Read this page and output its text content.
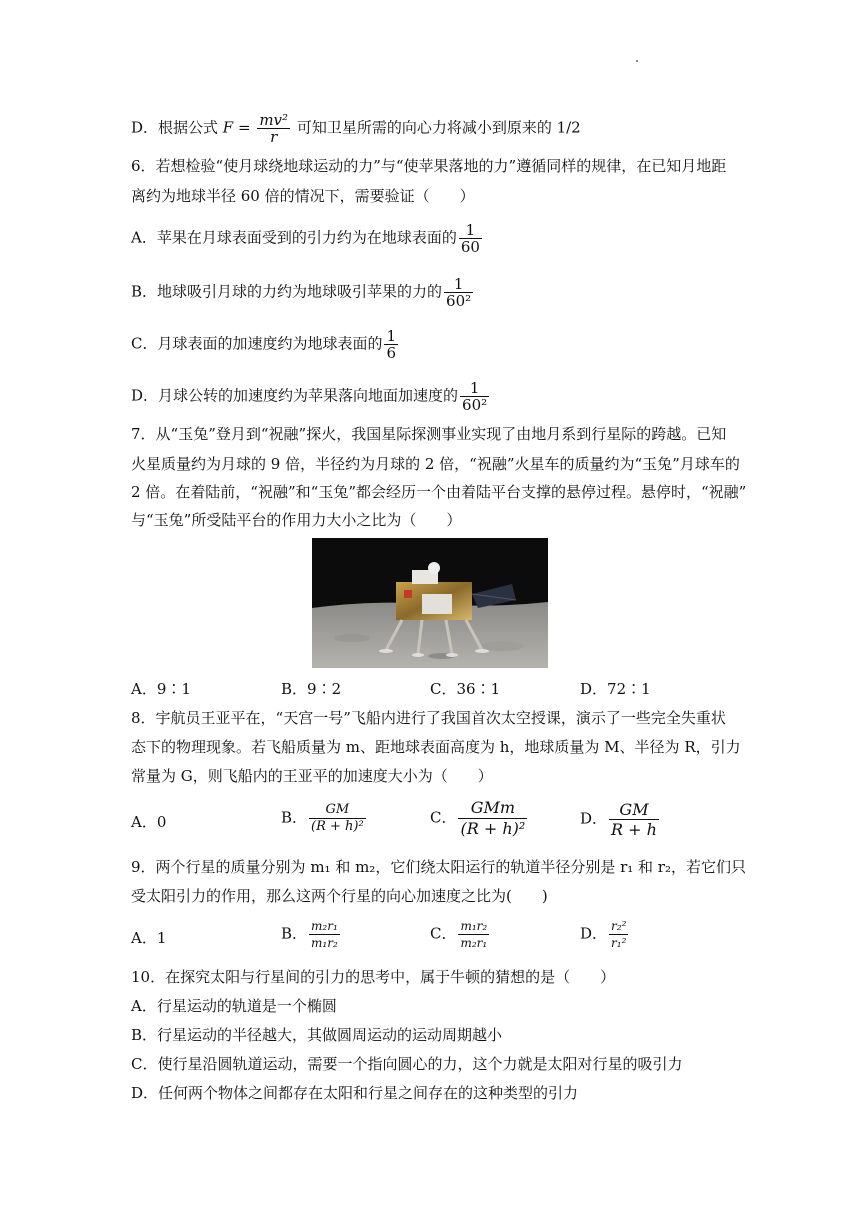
D．根据公式 $F = \frac{\text{mv²}}{r}$ 可知卫星所需的向心力将减小到原来的 1/2
6．若想检验“使月球绕地球运动的力”与“使苹果落地的力”遵循同样的规律，在已知月地距
离约为地球半径 60 倍的情况下，需要验证（　　）
A．苹果在月球表面受到的引力约为在地球表面的 $\frac{1}{60}$
B．地球吸引月球的力约为地球吸引苹果的力的 $\frac{1}{\text{60²}}$
C．月球表面的加速度约为地球表面的 $\frac{1}{6}$
D．月球公转的加速度约为苹果落向地面加速度的 $\frac{1}{\text{60²}}$
7．从“玉兔”登月到“祝融”探火，我国星际探测事业实现了由地月系到行星际的跨越。已知
火星质量约为月球的 9 倍，半径约为月球的 2 倍，“祝融”火星车的质量约为“玉兔”月球车的
2 倍。在着陆前，“祝融”和“玉兔”都会经历一个由着陆平台支撑的悬停过程。悬停时，“祝融”
与“玉兔”所受陆平台的作用力大小之比为（　　）
A．9∶1	B．9∶2	C．36∶1	D．72∶1
8．宇航员王亚平在，“天宫一号”飞船内进行了我国首次太空授课，演示了一些完全失重状
态下的物理现象。若飞船质量为 m、距地球表面高度为 h，地球质量为 M、半径为 R，引力
常量为 G，则飞船内的王亚平的加速度大小为（　　）
A．0	B． $\frac{GM}{\text{(R + h)²}}$	C． $\frac{\text{GMm}}{\text{(R + h)²}}$	D． $\frac{GM}{R + h}$
9．两个行星的质量分别为 m₁ 和 m₂，它们绕太阳运行的轨道半径分别是 r₁ 和 r₂，若它们只
受太阳引力的作用，那么这两个行星的向心加速度之比为(　　)
A．1	B． $\frac{\text{m₂r₁}}{\text{m₁r₂}}$	C． $\frac{\text{m₁r₂}}{\text{m₂r₁}}$	D． $\frac{\text{r₂²}}{\text{r₁²}}$
10．在探究太阳与行星间的引力的思考中，属于牛顿的猜想的是（　　）
A．行星运动的轨道是一个椭圆
B．行星运动的半径越大，其做圆周运动的运动周期越小
C．使行星沿圆轨道运动，需要一个指向圆心的力，这个力就是太阳对行星的吸引力
D．任何两个物体之间都存在太阳和行星之间存在的这种类型的引力
